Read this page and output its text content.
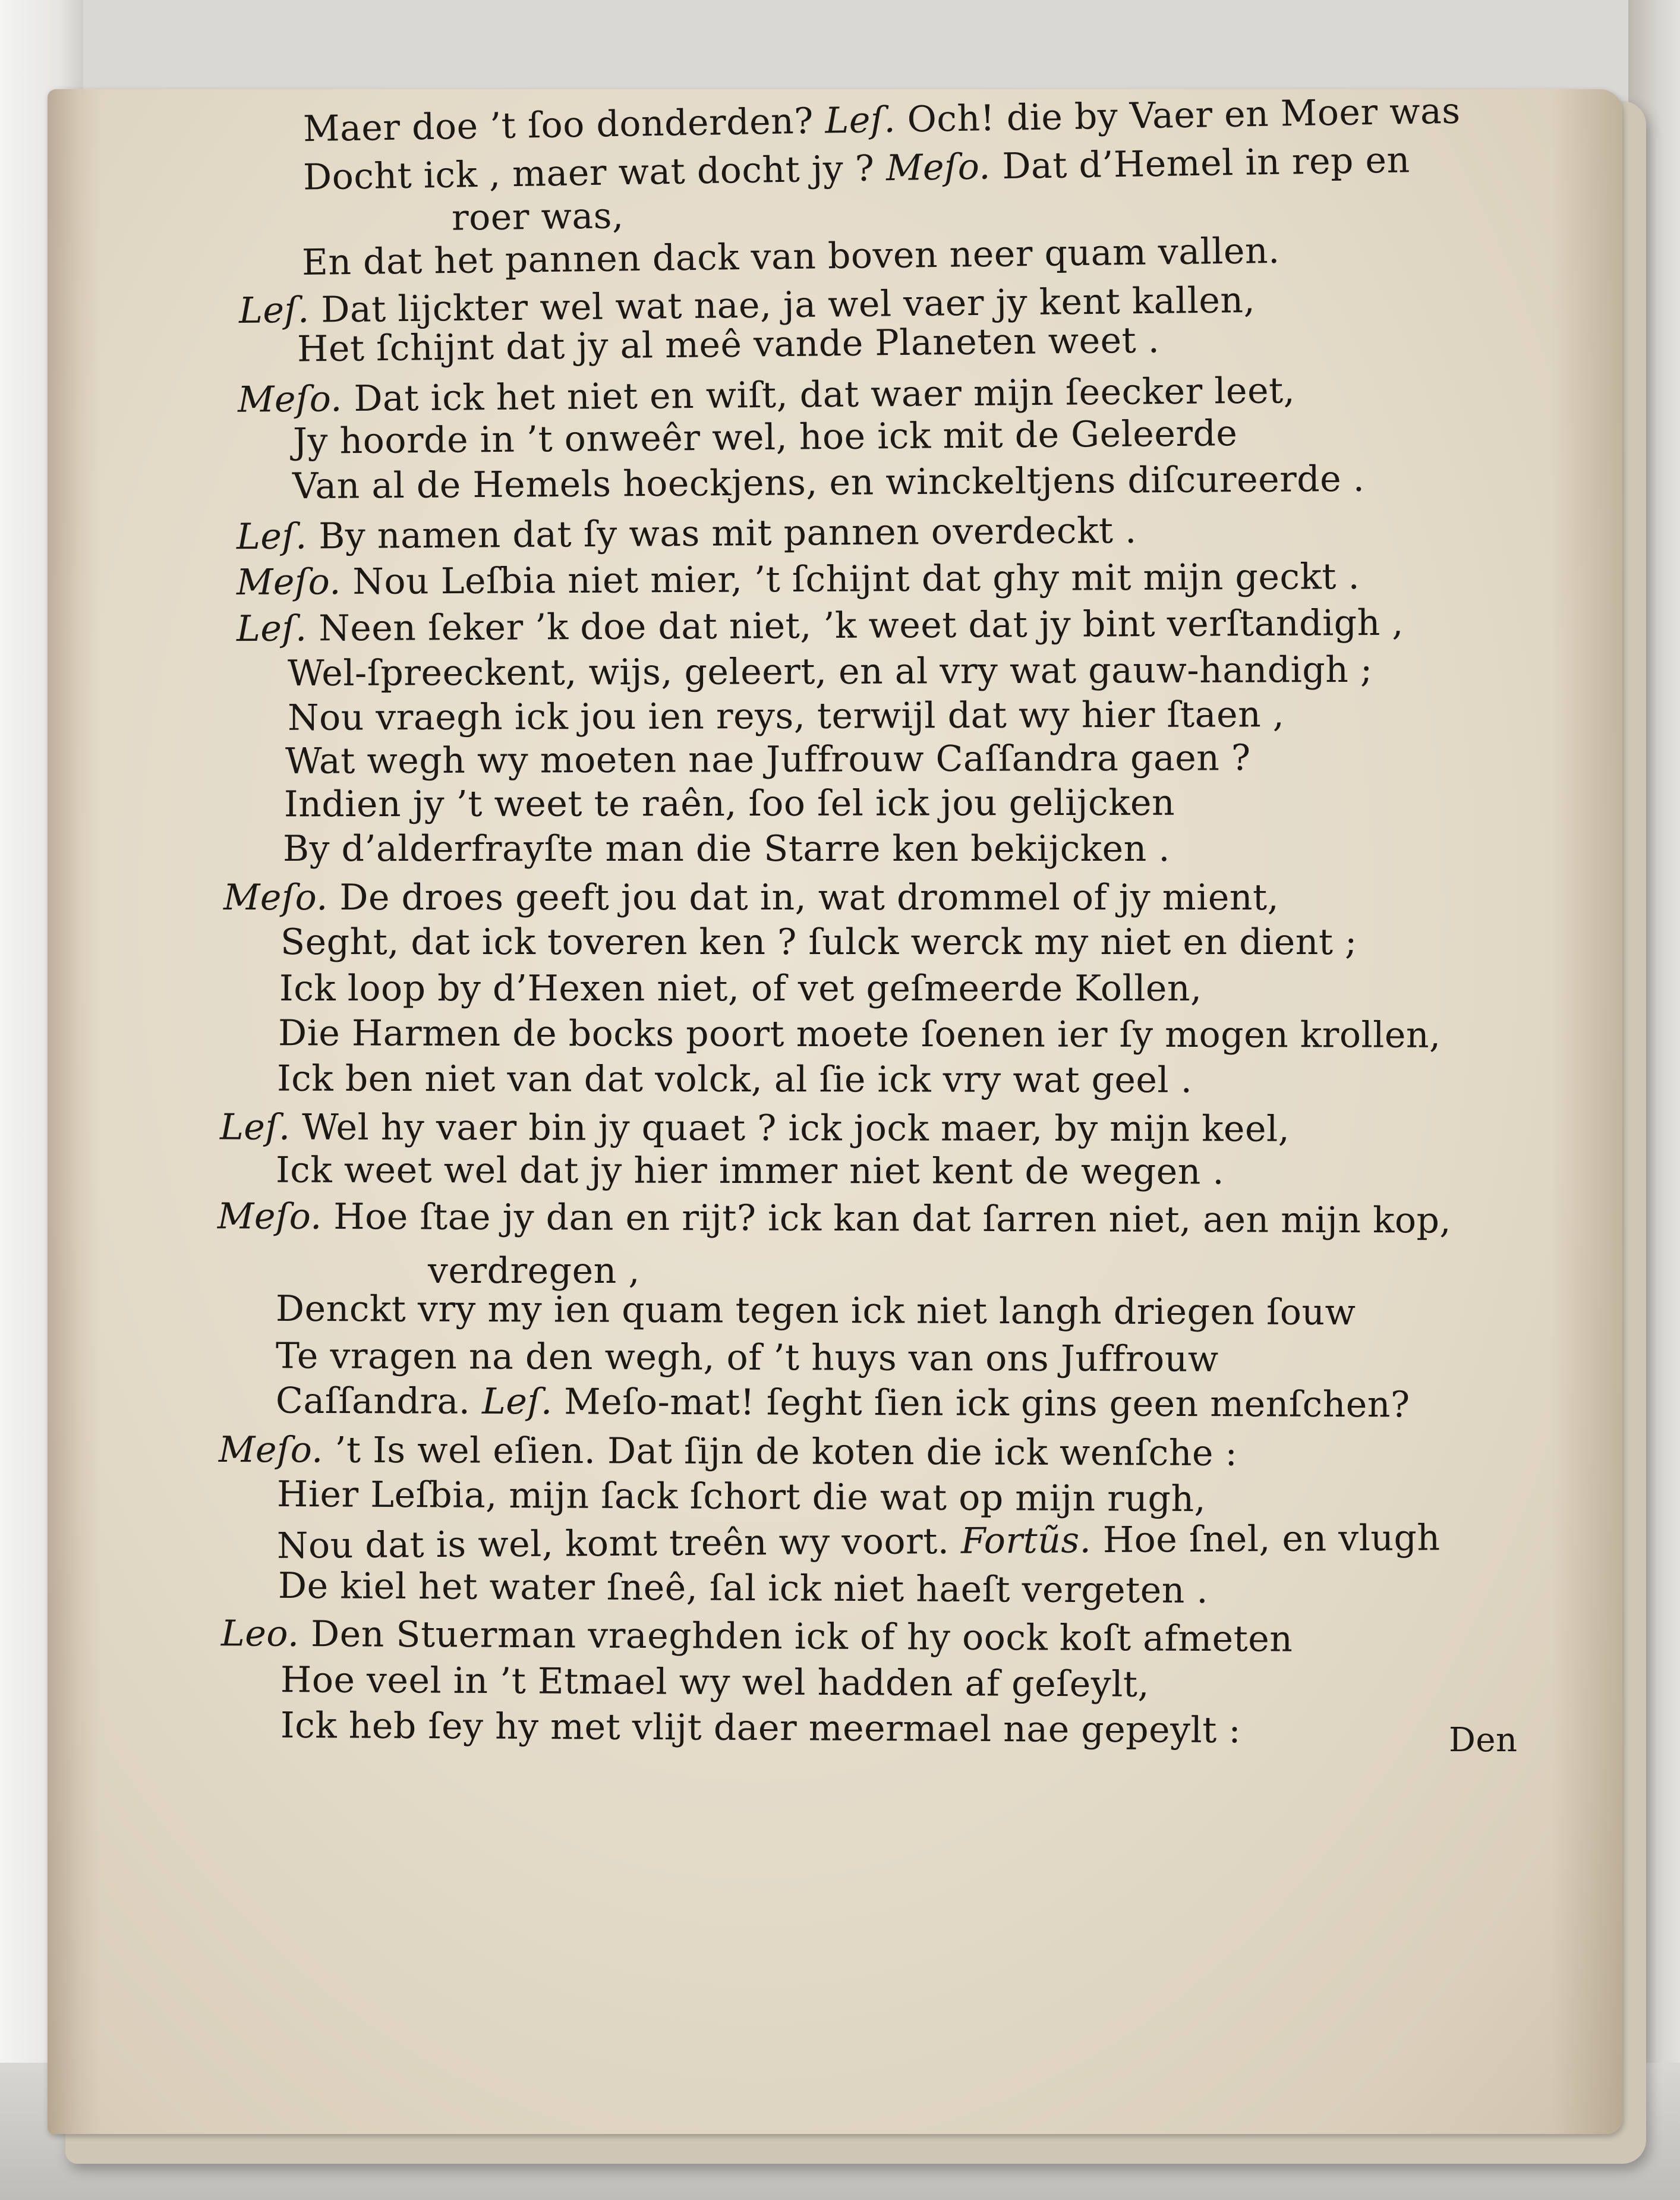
Maer doe ’t ſoo donderden? Leſ. Och! die by Vaer en Moer was
Docht ick , maer wat docht jy ? Meſo. Dat d’Hemel in rep en
roer was,
En dat het pannen dack van boven neer quam vallen.
Leſ. Dat lijckter wel wat nae, ja wel vaer jy kent kallen,
Het ſchijnt dat jy al meê vande Planeten weet .
Meſo. Dat ick het niet en wiſt, dat waer mijn ſeecker leet,
Jy hoorde in ’t onweêr wel, hoe ick mit de Geleerde
Van al de Hemels hoeckjens, en winckeltjens diſcureerde .
Leſ. By namen dat ſy was mit pannen overdeckt .
Meſo. Nou Leſbia niet mier, ’t ſchijnt dat ghy mit mijn geckt .
Leſ. Neen ſeker ’k doe dat niet, ’k weet dat jy bint verſtandigh ,
Wel-ſpreeckent, wijs, geleert, en al vry wat gauw-handigh ;
Nou vraegh ick jou ien reys, terwijl dat wy hier ſtaen ,
Wat wegh wy moeten nae Juffrouw Caſſandra gaen ?
Indien jy ’t weet te raên, ſoo ſel ick jou gelijcken
By d’alderfrayſte man die Starre ken bekijcken .
Meſo. De droes geeft jou dat in, wat drommel of jy mient,
Seght, dat ick toveren ken ? ſulck werck my niet en dient ;
Ick loop by d’Hexen niet, of vet geſmeerde Kollen,
Die Harmen de bocks poort moete ſoenen ier ſy mogen krollen,
Ick ben niet van dat volck, al ſie ick vry wat geel .
Leſ. Wel hy vaer bin jy quaet ? ick jock maer, by mijn keel,
Ick weet wel dat jy hier immer niet kent de wegen .
Meſo. Hoe ſtae jy dan en rijt? ick kan dat ſarren niet, aen mijn kop,
verdregen ,
Denckt vry my ien quam tegen ick niet langh driegen ſouw
Te vragen na den wegh, of ’t huys van ons Juffrouw
Caſſandra. Leſ. Meſo-mat! ſeght ſien ick gins geen menſchen?
Meſo. ’t Is wel eſien. Dat ſijn de koten die ick wenſche :
Hier Leſbia, mijn ſack ſchort die wat op mijn rugh,
Nou dat is wel, komt treên wy voort. Fortũs. Hoe ſnel, en vlugh
De kiel het water ſneê, ſal ick niet haeſt vergeten .
Leo. Den Stuerman vraeghden ick of hy oock koſt afmeten
Hoe veel in ’t Etmael wy wel hadden af geſeylt,
Ick heb ſey hy met vlijt daer meermael nae gepeylt :	Den
